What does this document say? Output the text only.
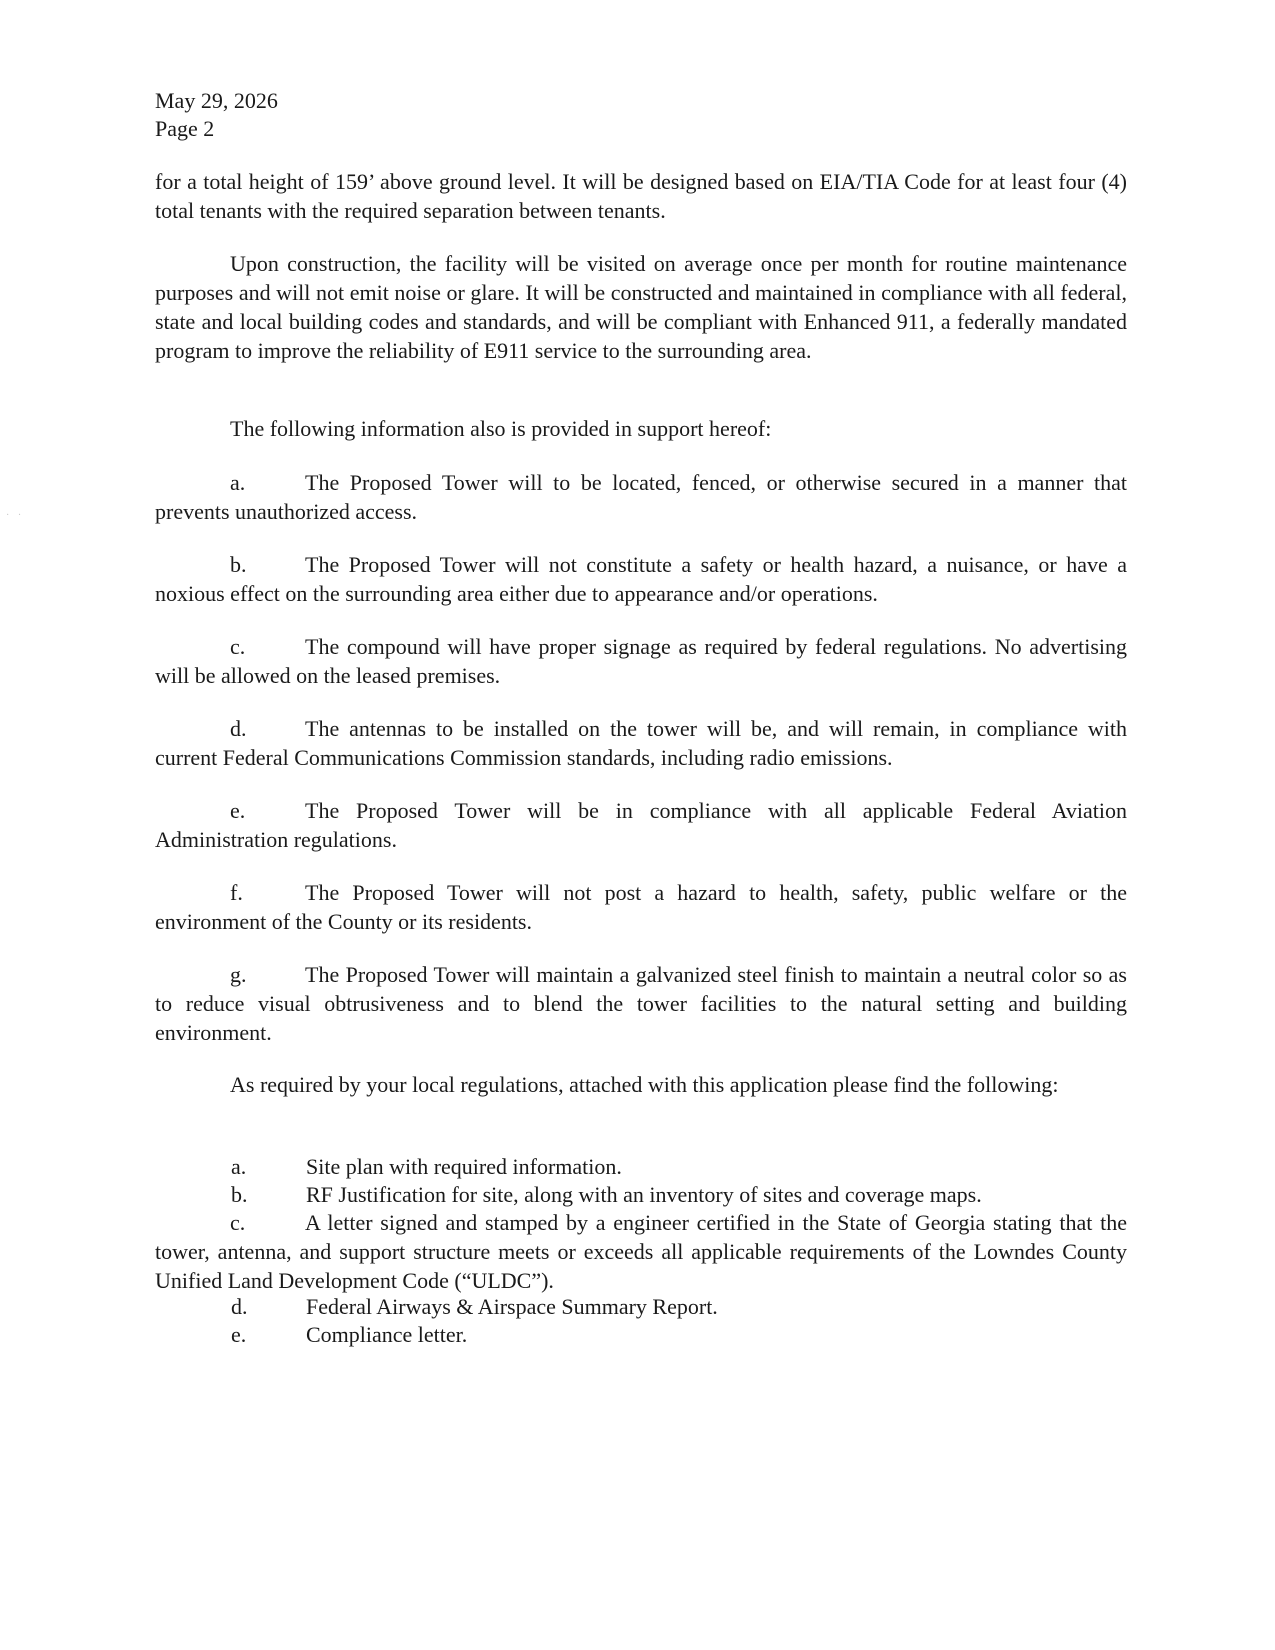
· ·
May 29, 2026
Page 2

for a total height of 159’ above ground level. It will be designed based on EIA/TIA Code for at least four (4) total tenants with the required separation between tenants.

Upon construction, the facility will be visited on average once per month for routine maintenance purposes and will not emit noise or glare. It will be constructed and maintained in compliance with all federal, state and local building codes and standards, and will be compliant with Enhanced 911, a federally mandated program to improve the reliability of E911 service to the surrounding area.

The following information also is provided in support hereof:

a.	The Proposed Tower will to be located, fenced, or otherwise secured in a manner that prevents unauthorized access.

b.	The Proposed Tower will not constitute a safety or health hazard, a nuisance, or have a noxious effect on the surrounding area either due to appearance and/or operations.

c.	The compound will have proper signage as required by federal regulations. No advertising will be allowed on the leased premises.

d.	The antennas to be installed on the tower will be, and will remain, in compliance with current Federal Communications Commission standards, including radio emissions.

e.	The Proposed Tower will be in compliance with all applicable Federal Aviation Administration regulations.

f.	The Proposed Tower will not post a hazard to health, safety, public welfare or the environment of the County or its residents.

g.	The Proposed Tower will maintain a galvanized steel finish to maintain a neutral color so as to reduce visual obtrusiveness and to blend the tower facilities to the natural setting and building environment.

As required by your local regulations, attached with this application please find the following:

a.	Site plan with required information.
b.	RF Justification for site, along with an inventory of sites and coverage maps.

c.	A letter signed and stamped by a engineer certified in the State of Georgia stating that the tower, antenna, and support structure meets or exceeds all applicable requirements of the Lowndes County Unified Land Development Code (“ULDC”).

d.	Federal Airways & Airspace Summary Report.
e.	Compliance letter.
